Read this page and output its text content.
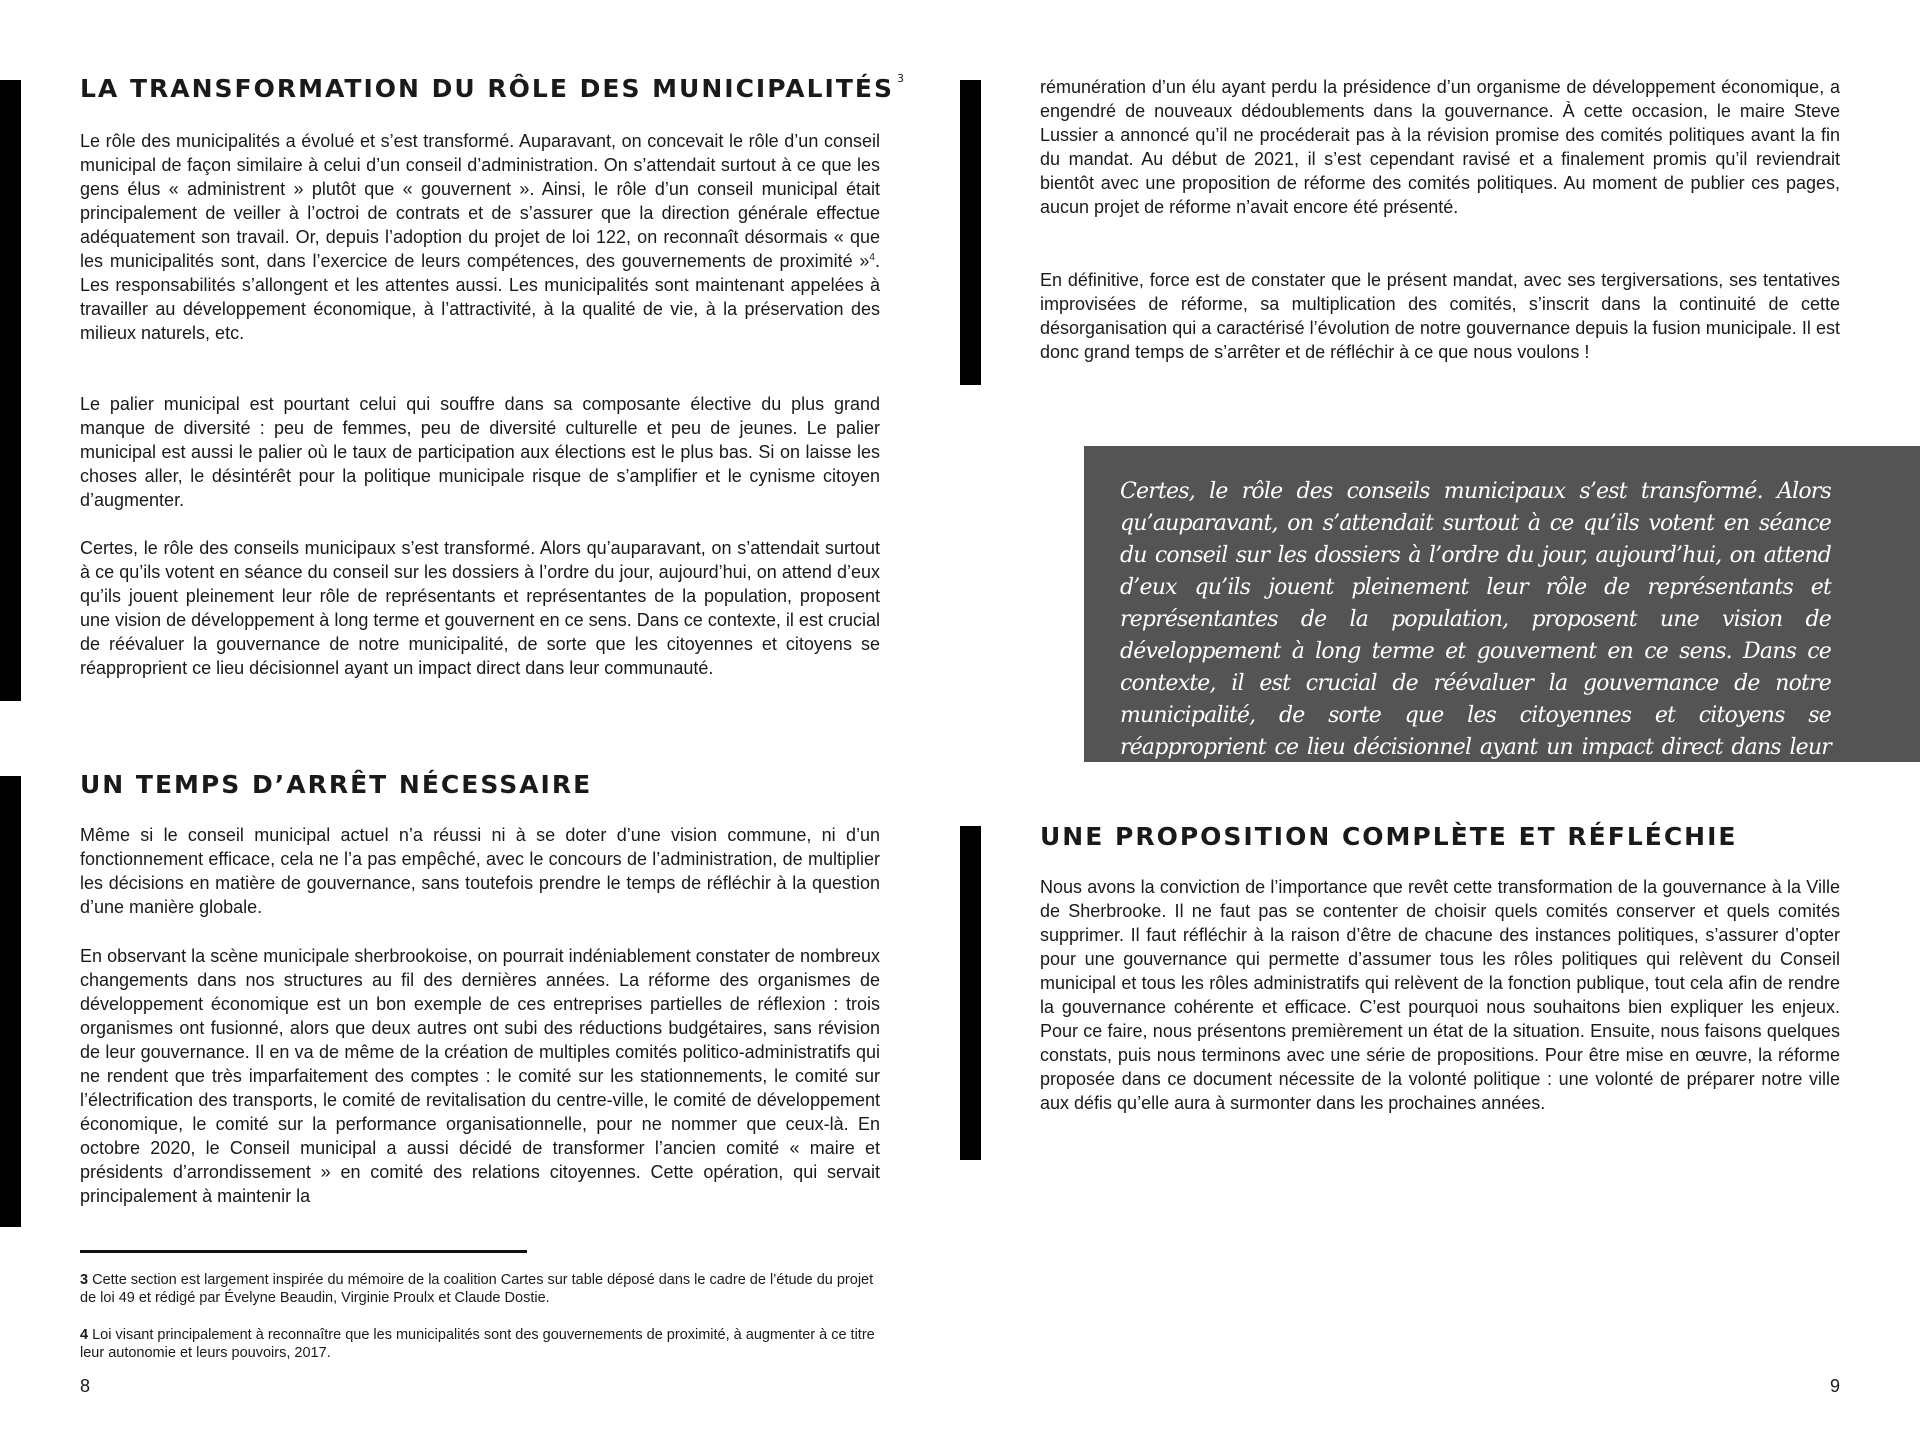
LA TRANSFORMATION DU RÔLE DES MUNICIPALITÉS $^3$

Le rôle des municipalités a évolué et s’est transformé. Auparavant, on concevait le rôle d’un conseil municipal de façon similaire à celui d’un conseil d’administration. On s’attendait surtout à ce que les gens élus « administrent » plutôt que « gouvernent ». Ainsi, le rôle d’un conseil municipal était principalement de veiller à l’octroi de contrats et de s’assurer que la direction générale effectue adéquatement son travail. Or, depuis l’adoption du projet de loi 122, on reconnaît désormais « que les municipalités sont, dans l’exercice de leurs compétences, des gouvernements de proximité »$^4$. Les responsabilités s’allongent et les attentes aussi. Les municipalités sont maintenant appelées à travailler au développement économique, à l’attractivité, à la qualité de vie, à la préservation des milieux naturels, etc.

Le palier municipal est pourtant celui qui souffre dans sa composante élective du plus grand manque de diversité : peu de femmes, peu de diversité culturelle et peu de jeunes. Le palier municipal est aussi le palier où le taux de participation aux élections est le plus bas. Si on laisse les choses aller, le désintérêt pour la politique municipale risque de s’amplifier et le cynisme citoyen d’augmenter.

Certes, le rôle des conseils municipaux s’est transformé. Alors qu’auparavant, on s’attendait surtout à ce qu’ils votent en séance du conseil sur les dossiers à l’ordre du jour, aujourd’hui, on attend d’eux qu’ils jouent pleinement leur rôle de représentants et représentantes de la population, proposent une vision de développement à long terme et gouvernent en ce sens. Dans ce contexte, il est crucial de réévaluer la gouvernance de notre municipalité, de sorte que les citoyennes et citoyens se réapproprient ce lieu décisionnel ayant un impact direct dans leur communauté.

UN TEMPS D’ARRÊT NÉCESSAIRE

Même si le conseil municipal actuel n’a réussi ni à se doter d’une vision commune, ni d’un fonctionnement efficace, cela ne l’a pas empêché, avec le concours de l’administration, de multiplier les décisions en matière de gouvernance, sans toutefois prendre le temps de réfléchir à la question d’une manière globale.

En observant la scène municipale sherbrookoise, on pourrait indéniablement constater de nombreux changements dans nos structures au fil des dernières années. La réforme des organismes de développement économique est un bon exemple de ces entreprises partielles de réflexion : trois organismes ont fusionné, alors que deux autres ont subi des réductions budgétaires, sans révision de leur gouvernance. Il en va de même de la création de multiples comités politico-administratifs qui ne rendent que très imparfaitement des comptes : le comité sur les stationnements, le comité sur l’électrification des transports, le comité de revitalisation du centre-ville, le comité de développement économique, le comité sur la performance organisationnelle, pour ne nommer que ceux-là. En octobre 2020, le Conseil municipal a aussi décidé de transformer l’ancien comité « maire et présidents d’arrondissement » en comité des relations citoyennes. Cette opération, qui servait principalement à maintenir la

3 Cette section est largement inspirée du mémoire de la coalition Cartes sur table déposé dans le cadre de l’étude du projet de loi 49 et rédigé par Évelyne Beaudin, Virginie Proulx et Claude Dostie.

4 Loi visant principalement à reconnaître que les municipalités sont des gouvernements de proximité, à augmenter à ce titre leur autonomie et leurs pouvoirs, 2017.

8

rémunération d’un élu ayant perdu la présidence d’un organisme de développement économique, a engendré de nouveaux dédoublements dans la gouvernance. À cette occasion, le maire Steve Lussier a annoncé qu’il ne procéderait pas à la révision promise des comités politiques avant la fin du mandat. Au début de 2021, il s’est cependant ravisé et a finalement promis qu’il reviendrait bientôt avec une proposition de réforme des comités politiques. Au moment de publier ces pages, aucun projet de réforme n’avait encore été présenté.

En définitive, force est de constater que le présent mandat, avec ses tergiversations, ses tentatives improvisées de réforme, sa multiplication des comités, s’inscrit dans la continuité de cette désorganisation qui a caractérisé l’évolution de notre gouvernance depuis la fusion municipale. Il est donc grand temps de s’arrêter et de réfléchir à ce que nous voulons !

Certes, le rôle des conseils municipaux s’est transformé. Alors qu’auparavant, on s’attendait surtout à ce qu’ils votent en séance du conseil sur les dossiers à l’ordre du jour, aujourd’hui, on attend d’eux qu’ils jouent pleinement leur rôle de représentants et représentantes de la population, proposent une vision de développement à long terme et gouvernent en ce sens. Dans ce contexte, il est crucial de réévaluer la gouvernance de notre municipalité, de sorte que les citoyennes et citoyens se réapproprient ce lieu décisionnel ayant un impact direct dans leur communauté.

UNE PROPOSITION COMPLÈTE ET RÉFLÉCHIE

Nous avons la conviction de l’importance que revêt cette transformation de la gouvernance à la Ville de Sherbrooke. Il ne faut pas se contenter de choisir quels comités conserver et quels comités supprimer. Il faut réfléchir à la raison d’être de chacune des instances politiques, s’assurer d’opter pour une gouvernance qui permette d’assumer tous les rôles politiques qui relèvent du Conseil municipal et tous les rôles administratifs qui relèvent de la fonction publique, tout cela afin de rendre la gouvernance cohérente et efficace. C’est pourquoi nous souhaitons bien expliquer les enjeux. Pour ce faire, nous présentons premièrement un état de la situation. Ensuite, nous faisons quelques constats, puis nous terminons avec une série de propositions. Pour être mise en œuvre, la réforme proposée dans ce document nécessite de la volonté politique : une volonté de préparer notre ville aux défis qu’elle aura à surmonter dans les prochaines années.

9
